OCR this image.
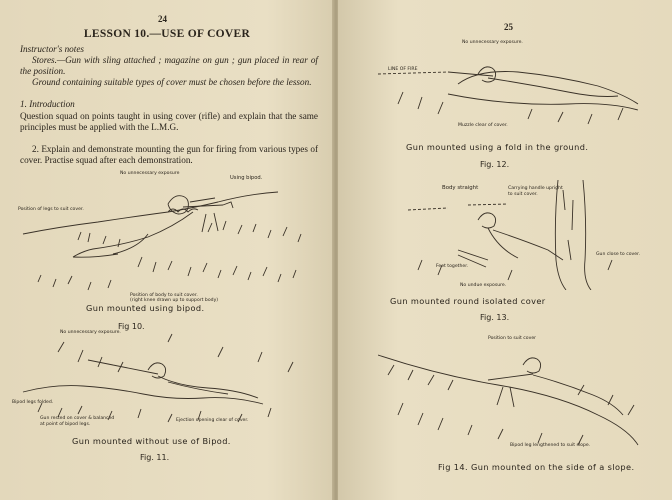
24
LESSON 10.—USE OF COVER
Instructor's notes
Stores.—Gun with sling attached ; magazine on gun ; gun placed in rear of the position.
Ground containing suitable types of cover must be chosen before the lesson.
1. Introduction
Question squad on points taught in using cover (rifle) and explain that the same principles must be applied with the L.M.G.
2. Explain and demonstrate mounting the gun for firing from various types of cover. Practise squad after each demonstration.
No unnecessary exposure
Using bipod.
Position of legs to suit cover.
Position of body to suit cover.
(right knee drawn up to support body)
Gun mounted using bipod.
Fig 10.
No unnecessary exposure.
Bipod legs folded.
Gun rested on cover & balanced at point of bipod legs.
Ejection opening clear of cover.
Gun mounted without use of Bipod.
Fig. 11.
25
No unnecessary exposure.
LINE OF FIRE
Muzzle clear of cover.
Gun mounted using a fold in the ground.
Fig. 12.
Body straight	Carrying handle upright to suit cover.
Feet together.
Gun close to cover.
No undue exposure.
Gun mounted round isolated cover
Fig. 13.
Position to suit cover
Bipod leg lengthened to suit slope.
Fig 14. Gun mounted on the side of a slope.
